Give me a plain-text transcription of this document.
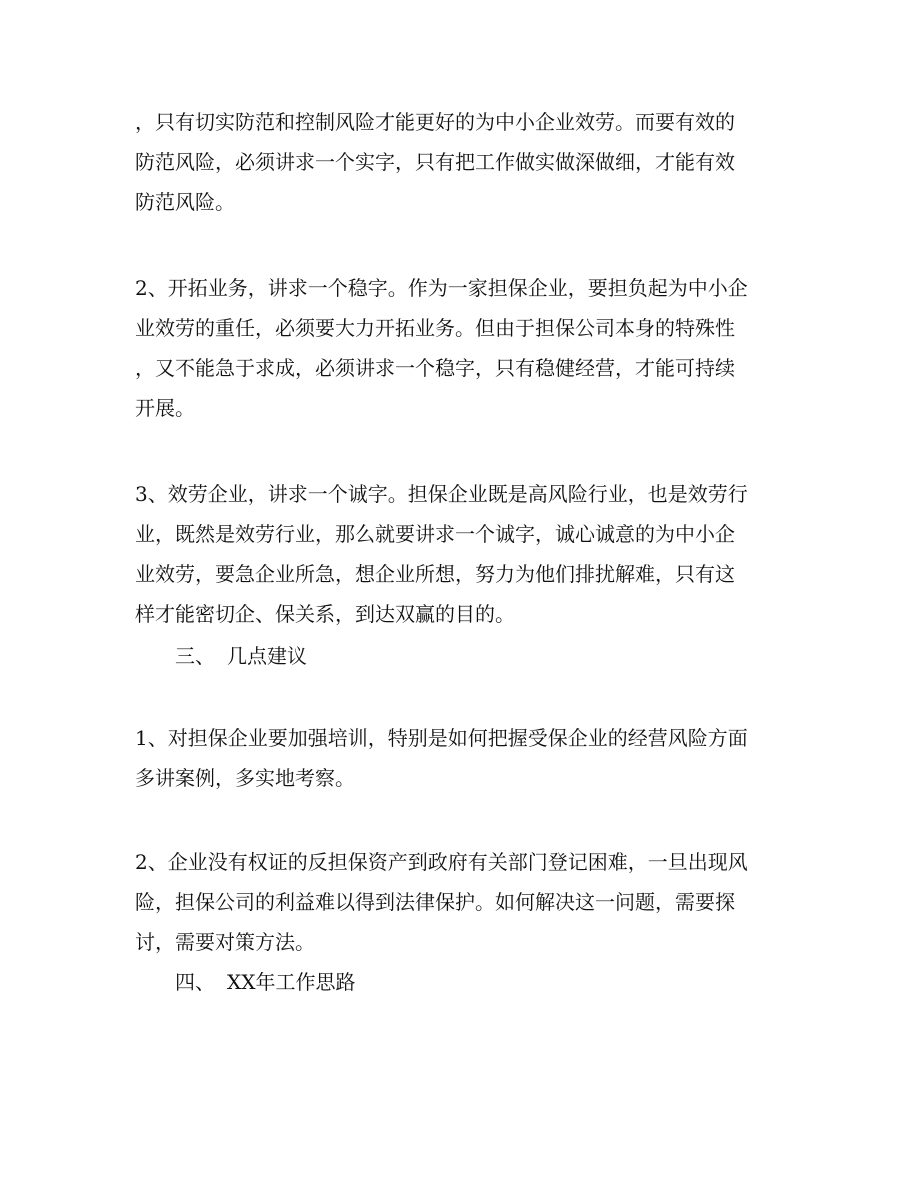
，只有切实防范和控制风险才能更好的为中小企业效劳。而要有效的
防范风险，必须讲求一个实字，只有把工作做实做深做细，才能有效
防范风险。
2、开拓业务，讲求一个稳字。作为一家担保企业，要担负起为中小企
业效劳的重任，必须要大力开拓业务。但由于担保公司本身的特殊性
，又不能急于求成，必须讲求一个稳字，只有稳健经营，才能可持续
开展。
3、效劳企业，讲求一个诚字。担保企业既是高风险行业，也是效劳行
业，既然是效劳行业，那么就要讲求一个诚字，诚心诚意的为中小企
业效劳，要急企业所急，想企业所想，努力为他们排扰解难，只有这
样才能密切企、保关系，到达双赢的目的。
三、 几点建议
1、对担保企业要加强培训，特别是如何把握受保企业的经营风险方面
多讲案例，多实地考察。
2、企业没有权证的反担保资产到政府有关部门登记困难，一旦出现风
险，担保公司的利益难以得到法律保护。如何解决这一问题，需要探
讨，需要对策方法。
四、 XX年工作思路
